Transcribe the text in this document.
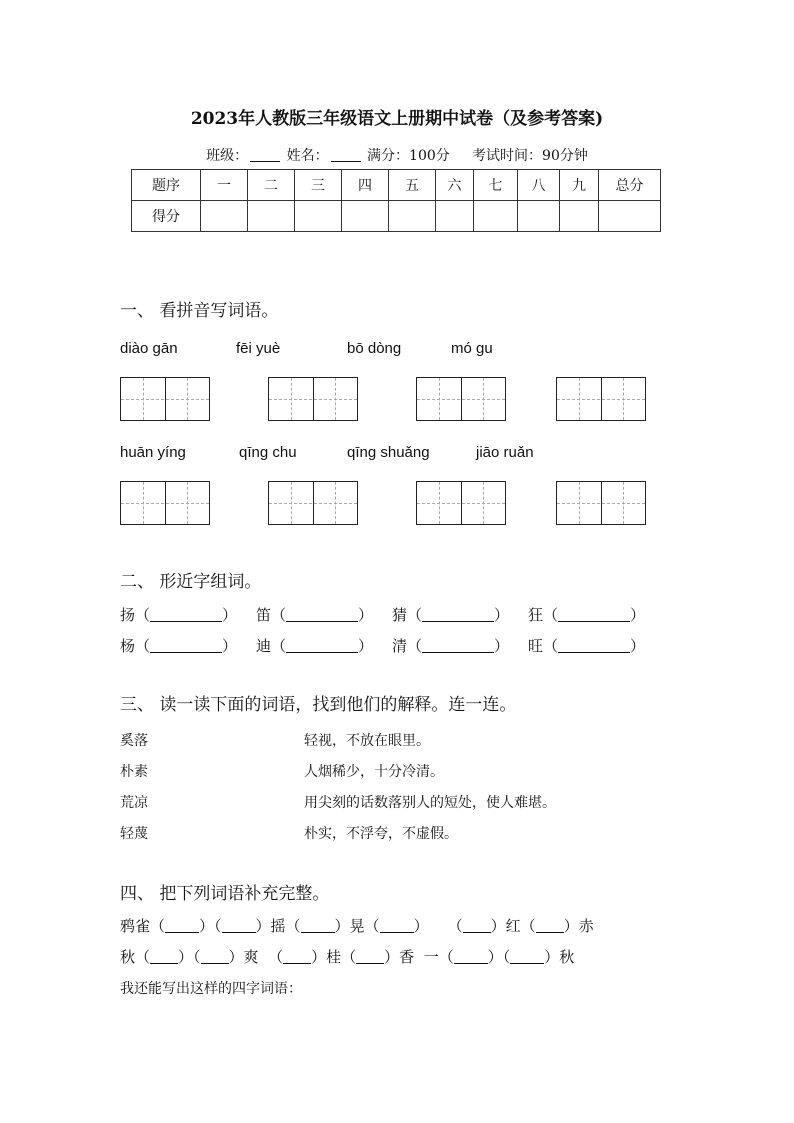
2023年人教版三年级语文上册期中试卷（及参考答案)
班级：	姓名：	满分：100分 考试时间：90分钟
题序	一	二	三	四	五	六	七	八	九	总分
得分										
一、 看拼音写词语。
diào gān	fēi yuè	bō dòng	mó gu
huān yíng	qīng chu	qīng shuǎng	jiāo ruǎn
二、 形近字组词。
扬（	） 笛（	） 猜（	） 狂（	）
杨（	） 迪（	） 清（	） 旺（	）
三、 读一读下面的词语，找到他们的解释。连一连。
奚落
朴素
荒凉
轻蔑
轻视，不放在眼里。
人烟稀少，十分冷清。
用尖刻的话数落别人的短处，使人难堪。
朴实，不浮夸，不虚假。
四、 把下列词语补充完整。
鸦雀（ ）（ ）摇（ ）晃（ ） （ ）红（ ）赤
秋（ ）（ ）爽 （ ）桂（ ）香 一（ ）（ ）秋
我还能写出这样的四字词语：
